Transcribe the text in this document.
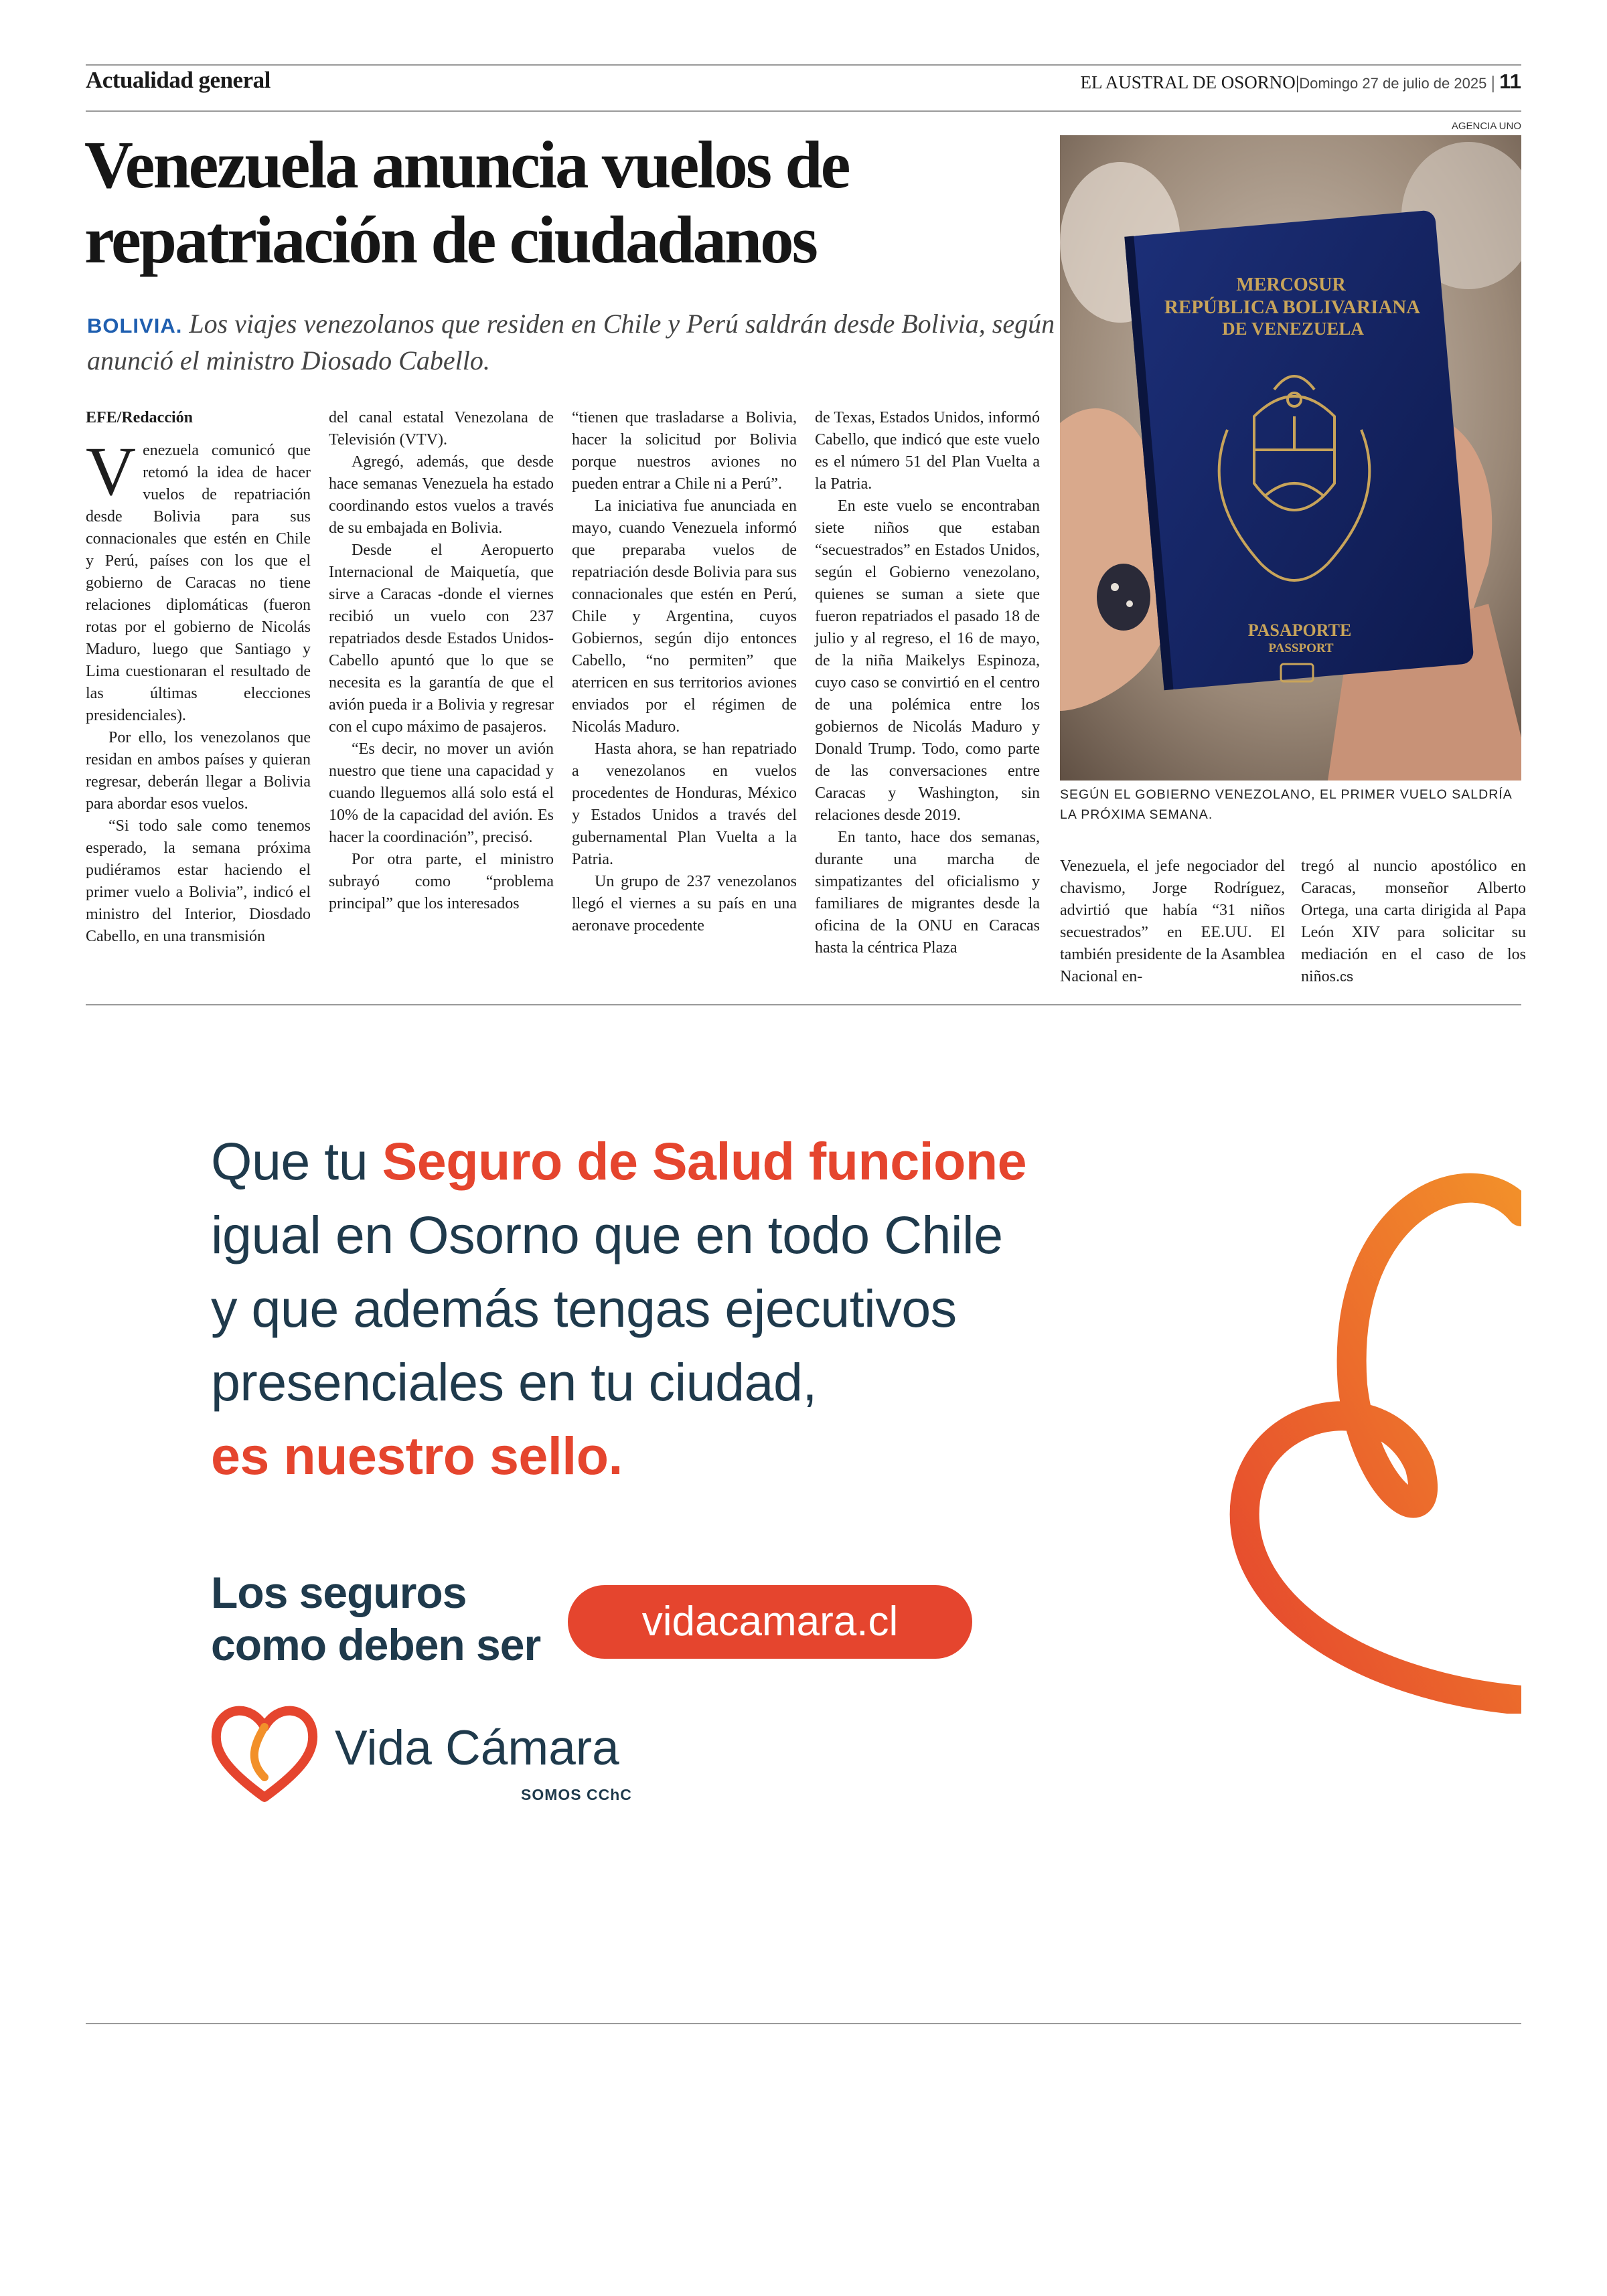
Actualidad general	EL AUSTRAL DE OSORNO|Domingo 27 de julio de 2025 | 11
Venezuela anuncia vuelos de
repatriación de ciudadanos
BOLIVIA. Los viajes venezolanos que residen en Chile y Perú saldrán desde Bolivia, según anunció el ministro Diosado Cabello.
AGENCIA UNO
MERCOSUR
REPÚBLICA BOLIVARIANA
DE VENEZUELA
PASAPORTE
PASSPORT
SEGÚN EL GOBIERNO VENEZOLANO, EL PRIMER VUELO SALDRÍA LA PRÓXIMA SEMANA.
EFE/Redacción

Venezuela comunicó que retomó la idea de hacer vuelos de repatriación desde Bolivia para sus connacionales que estén en Chile y Perú, países con los que el gobierno de Caracas no tiene relaciones diplomáticas (fueron rotas por el gobierno de Nicolás Maduro, luego que Santiago y Lima cuestionaran el resultado de las últimas elecciones presidenciales).

Por ello, los venezolanos que residan en ambos países y quieran regresar, deberán llegar a Bolivia para abordar esos vuelos.

“Si todo sale como tenemos esperado, la semana próxima pudiéramos estar haciendo el primer vuelo a Bolivia”, indicó el ministro del Interior, Diosdado Cabello, en una transmisión

del canal estatal Venezolana de Televisión (VTV).

Agregó, además, que desde hace semanas Venezuela ha estado coordinando estos vuelos a través de su embajada en Bolivia.

Desde el Aeropuerto Internacional de Maiquetía, que sirve a Caracas -donde el viernes recibió un vuelo con 237 repatriados desde Estados Unidos- Cabello apuntó que lo que se necesita es la garantía de que el avión pueda ir a Bolivia y regresar con el cupo máximo de pasajeros.

“Es decir, no mover un avión nuestro que tiene una capacidad y cuando lleguemos allá solo está el 10% de la capacidad del avión. Es hacer la coordinación”, precisó.

Por otra parte, el ministro subrayó como “problema principal” que los interesados

“tienen que trasladarse a Bolivia, hacer la solicitud por Bolivia porque nuestros aviones no pueden entrar a Chile ni a Perú”.

La iniciativa fue anunciada en mayo, cuando Venezuela informó que preparaba vuelos de repatriación desde Bolivia para sus connacionales que estén en Perú, Chile y Argentina, cuyos Gobiernos, según dijo entonces Cabello, “no permiten” que aterricen en sus territorios aviones enviados por el régimen de Nicolás Maduro.

Hasta ahora, se han repatriado a venezolanos en vuelos procedentes de Honduras, México y Estados Unidos a través del gubernamental Plan Vuelta a la Patria.

Un grupo de 237 venezolanos llegó el viernes a su país en una aeronave procedente

de Texas, Estados Unidos, informó Cabello, que indicó que este vuelo es el número 51 del Plan Vuelta a la Patria.

En este vuelo se encontraban siete niños que estaban “secuestrados” en Estados Unidos, según el Gobierno venezolano, quienes se suman a siete que fueron repatriados el pasado 18 de julio y al regreso, el 16 de mayo, de la niña Maikelys Espinoza, cuyo caso se convirtió en el centro de una polémica entre los gobiernos de Nicolás Maduro y Donald Trump. Todo, como parte de las conversaciones entre Caracas y Washington, sin relaciones desde 2019.

En tanto, hace dos semanas, durante una marcha de simpatizantes del oficialismo y familiares de migrantes desde la oficina de la ONU en Caracas hasta la céntrica Plaza

Venezuela, el jefe negociador del chavismo, Jorge Rodríguez, advirtió que había “31 niños secuestrados” en EE.UU. El también presidente de la Asamblea Nacional en-

tregó al nuncio apostólico en Caracas, monseñor Alberto Ortega, una carta dirigida al Papa León XIV para solicitar su mediación en el caso de los niños.cs

Que tu Seguro de Salud funcione
igual en Osorno que en todo Chile
y que además tengas ejecutivos
presenciales en tu ciudad,
es nuestro sello.
Los seguros
como deben ser	vidacamara.cl
Vida Cámara
SOMOS CChC
